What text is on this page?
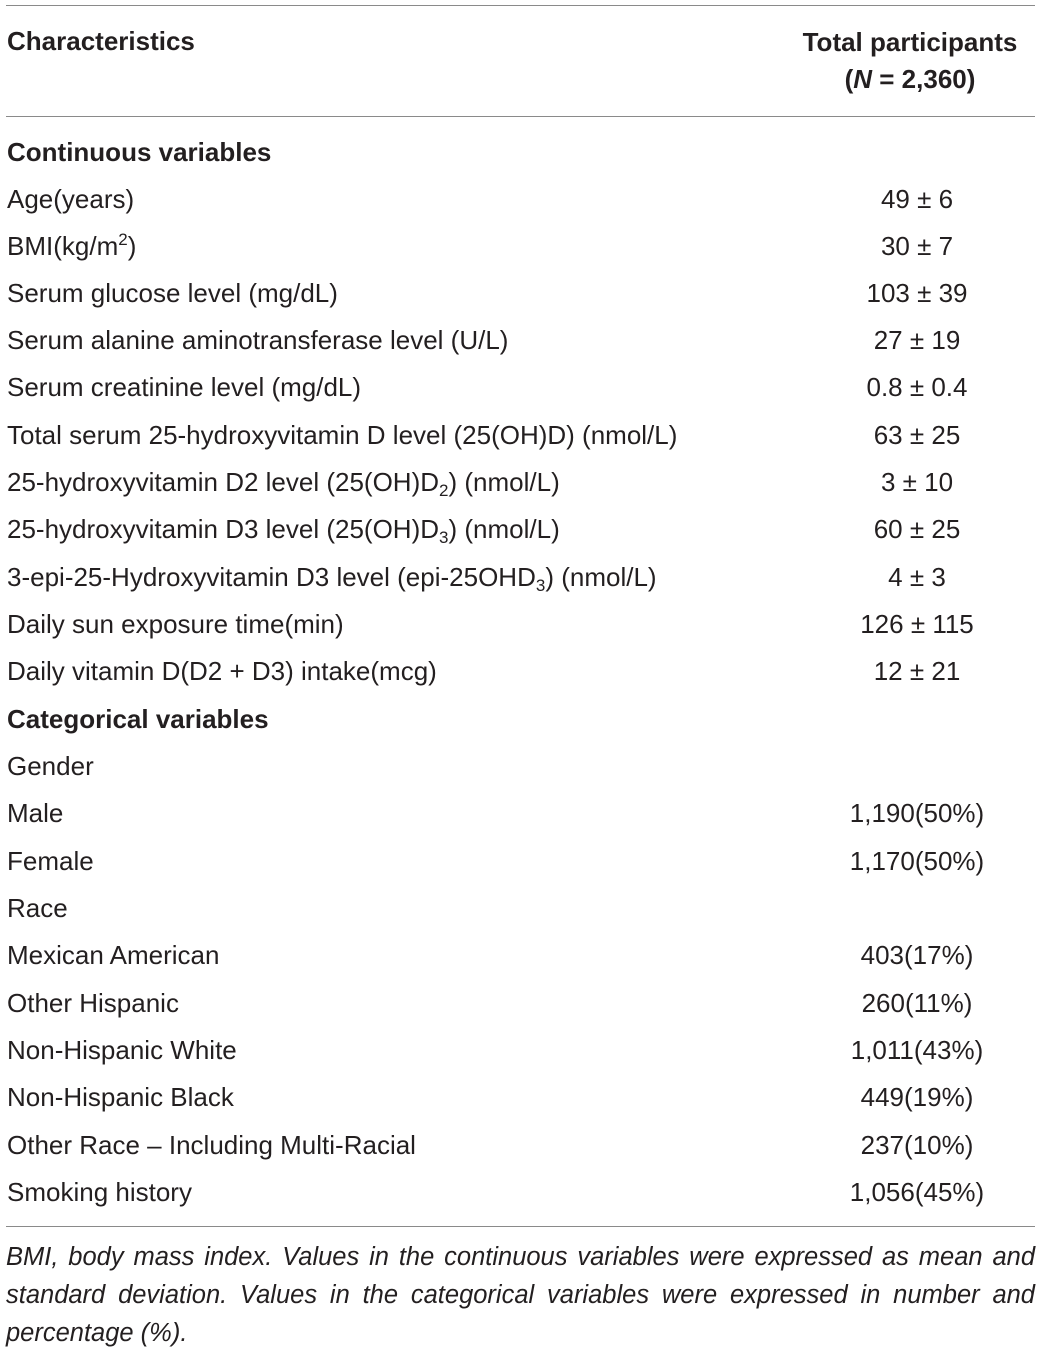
Characteristics	Total participants
(N = 2,360)
Continuous variables
Age(years)	49 ± 6
$BMI(kg/m^2)$	30 ± 7
Serum glucose level (mg/dL)	103 ± 39
Serum alanine aminotransferase level (U/L)	27 ± 19
Serum creatinine level (mg/dL)	0.8 ± 0.4
Total serum 25-hydroxyvitamin D level (25(OH)D) (nmol/L)	63 ± 25
25-hydroxyvitamin D2 level $(25(OH)D_2)$ (nmol/L)	3 ± 10
25-hydroxyvitamin D3 level $(25(OH)D_3)$ (nmol/L)	60 ± 25
3-epi-25-Hydroxyvitamin D3 level $(epi-25OHD_3)$ (nmol/L)	4 ± 3
Daily sun exposure time(min)	126 ± 115
Daily vitamin D(D2 + D3) intake(mcg)	12 ± 21
Categorical variables
Gender
Male	1,190(50%)
Female	1,170(50%)
Race
Mexican American	403(17%)
Other Hispanic	260(11%)
Non-Hispanic White	1,011(43%)
Non-Hispanic Black	449(19%)
Other Race – Including Multi-Racial	237(10%)
Smoking history	1,056(45%)
BMI, body mass index. Values in the continuous variables were expressed as mean and standard deviation. Values in the categorical variables were expressed in number and percentage (%).
